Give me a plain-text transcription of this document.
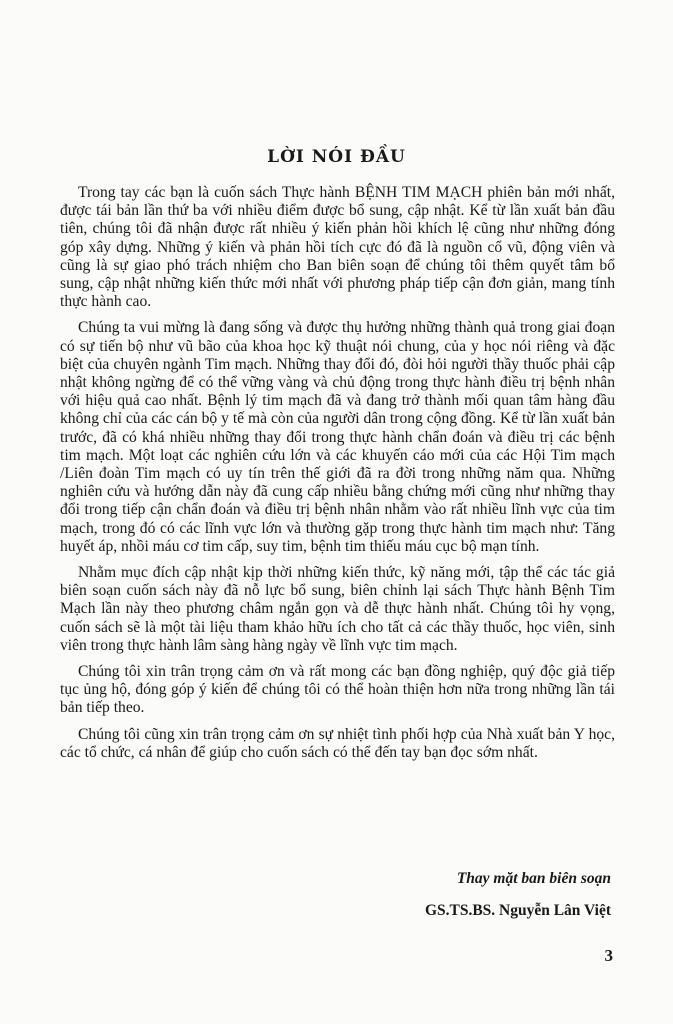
LỜI NÓI ĐẦU

Trong tay các bạn là cuốn sách Thực hành BỆNH TIM MẠCH phiên bản mới nhất, được tái bản lần thứ ba với nhiều điểm được bổ sung, cập nhật. Kể từ lần xuất bản đầu tiên, chúng tôi đã nhận được rất nhiều ý kiến phản hồi khích lệ cũng như những đóng góp xây dựng. Những ý kiến và phản hồi tích cực đó đã là nguồn cổ vũ, động viên và cũng là sự giao phó trách nhiệm cho Ban biên soạn để chúng tôi thêm quyết tâm bổ sung, cập nhật những kiến thức mới nhất với phương pháp tiếp cận đơn giản, mang tính thực hành cao.

Chúng ta vui mừng là đang sống và được thụ hưởng những thành quả trong giai đoạn có sự tiến bộ như vũ bão của khoa học kỹ thuật nói chung, của y học nói riêng và đặc biệt của chuyên ngành Tim mạch. Những thay đổi đó, đòi hỏi người thầy thuốc phải cập nhật không ngừng để có thể vững vàng và chủ động trong thực hành điều trị bệnh nhân với hiệu quả cao nhất. Bệnh lý tim mạch đã và đang trở thành mối quan tâm hàng đầu không chỉ của các cán bộ y tế mà còn của người dân trong cộng đồng. Kể từ lần xuất bản trước, đã có khá nhiều những thay đổi trong thực hành chẩn đoán và điều trị các bệnh tim mạch. Một loạt các nghiên cứu lớn và các khuyến cáo mới của các Hội Tim mạch /Liên đoàn Tim mạch có uy tín trên thế giới đã ra đời trong những năm qua. Những nghiên cứu và hướng dẫn này đã cung cấp nhiều bằng chứng mới cũng như những thay đổi trong tiếp cận chẩn đoán và điều trị bệnh nhân nhằm vào rất nhiều lĩnh vực của tim mạch, trong đó có các lĩnh vực lớn và thường gặp trong thực hành tim mạch như: Tăng huyết áp, nhồi máu cơ tim cấp, suy tim, bệnh tim thiếu máu cục bộ mạn tính.

Nhằm mục đích cập nhật kịp thời những kiến thức, kỹ năng mới, tập thể các tác giả biên soạn cuốn sách này đã nỗ lực bổ sung, biên chỉnh lại sách Thực hành Bệnh Tim Mạch lần này theo phương châm ngắn gọn và dễ thực hành nhất. Chúng tôi hy vọng, cuốn sách sẽ là một tài liệu tham khảo hữu ích cho tất cả các thầy thuốc, học viên, sinh viên trong thực hành lâm sàng hàng ngày về lĩnh vực tim mạch.

Chúng tôi xin trân trọng cảm ơn và rất mong các bạn đồng nghiệp, quý độc giả tiếp tục ủng hộ, đóng góp ý kiến để chúng tôi có thể hoàn thiện hơn nữa trong những lần tái bản tiếp theo.

Chúng tôi cũng xin trân trọng cảm ơn sự nhiệt tình phối hợp của Nhà xuất bản Y học, các tổ chức, cá nhân để giúp cho cuốn sách có thể đến tay bạn đọc sớm nhất.

Thay mặt ban biên soạn

GS.TS.BS. Nguyễn Lân Việt

3
